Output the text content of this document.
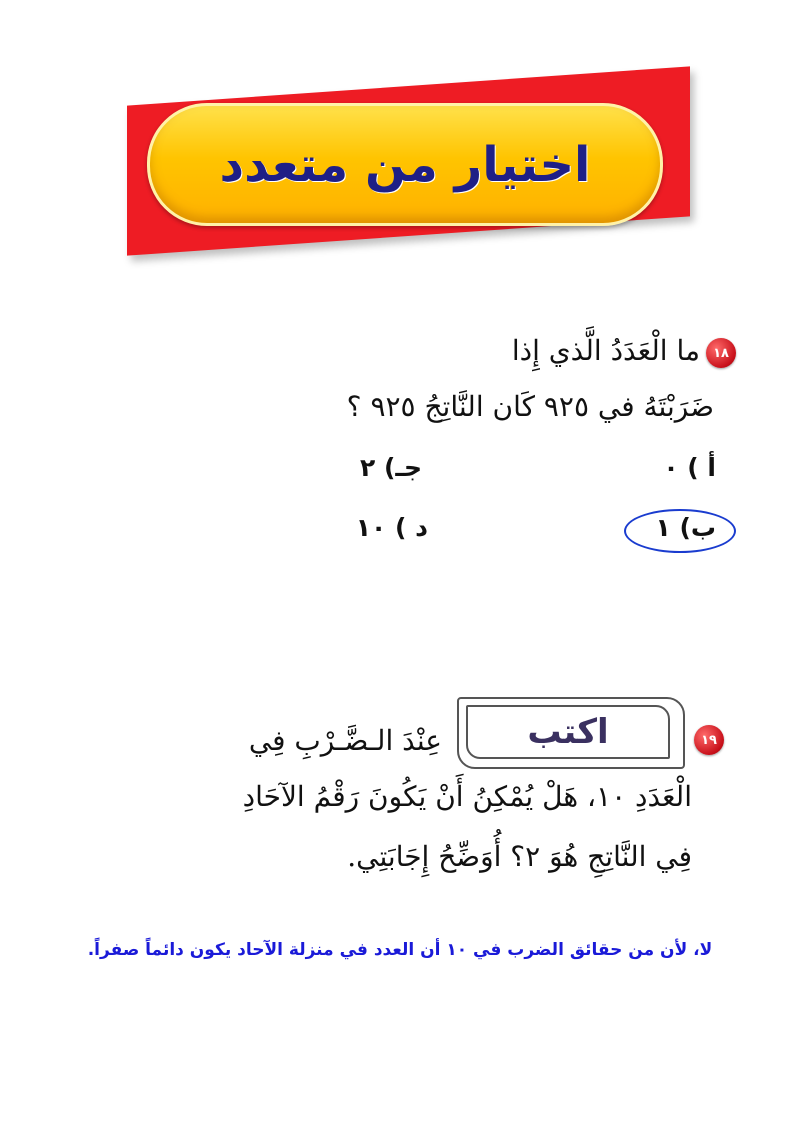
اختيار من متعدد
١٨
ما الْعَدَدُ الَّذي إِذا
ضَرَبْتَهُ في ٩٢٥ كَان النَّاتِجُ ٩٢٥ ؟
أ ) ٠
جـ) ٢
ب) ١
د ) ١٠
١٩
اكتب
عِنْدَ الـضَّـرْبِ فِي
الْعَدَدِ ١٠، هَلْ يُمْكِنُ أَنْ يَكُونَ رَقْمُ الآحَادِ
فِي النَّاتِجِ هُوَ ٢؟ أُوَضِّحُ إِجَابَتِي.
لا، لأن من حقائق الضرب في ١٠ أن العدد في منزلة الآحاد يكون دائماً صفراً.
